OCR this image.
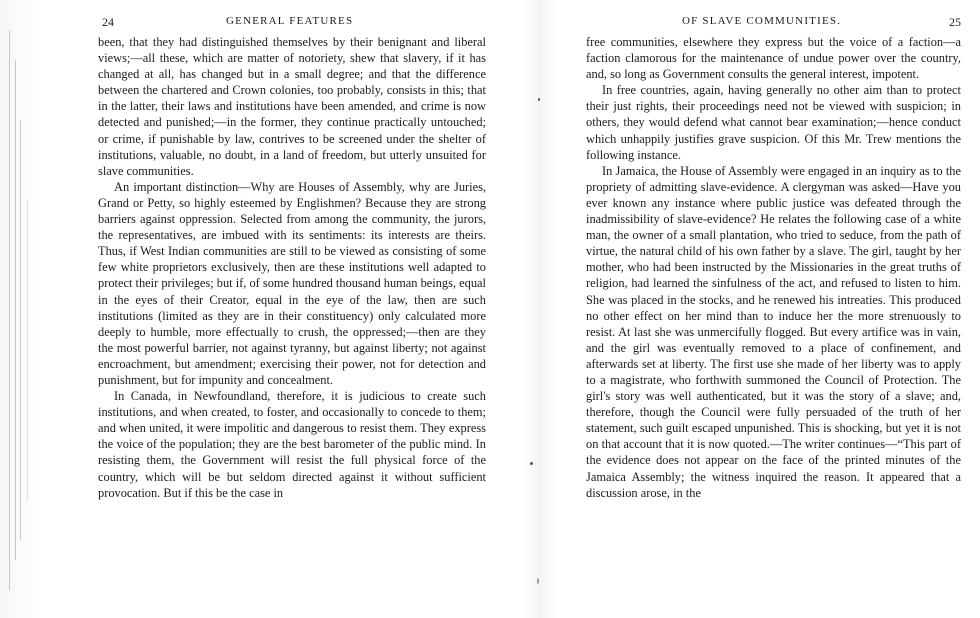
24	GENERAL FEATURES

been, that they had distinguished themselves by their benignant and liberal views;—all these, which are matter of notoriety, shew that slavery, if it has changed at all, has changed but in a small degree; and that the difference between the chartered and Crown colonies, too probably, consists in this; that in the latter, their laws and institutions have been amended, and crime is now detected and punished;—in the former, they continue practically untouched; or crime, if punishable by law, contrives to be screened under the shelter of institutions, valuable, no doubt, in a land of freedom, but utterly unsuited for slave communities.

An important distinction—Why are Houses of Assembly, why are Juries, Grand or Petty, so highly esteemed by Englishmen? Because they are strong barriers against oppression. Selected from among the community, the jurors, the representatives, are imbued with its sentiments: its interests are theirs. Thus, if West Indian communities are still to be viewed as consisting of some few white proprietors exclusively, then are these institutions well adapted to protect their privileges; but if, of some hundred thousand human beings, equal in the eyes of their Creator, equal in the eye of the law, then are such institutions (limited as they are in their constituency) only calculated more deeply to humble, more effectually to crush, the oppressed;—then are they the most powerful barrier, not against tyranny, but against liberty; not against encroachment, but amendment; exercising their power, not for detection and punishment, but for impunity and concealment.

In Canada, in Newfoundland, therefore, it is judicious to create such institutions, and when created, to foster, and occasionally to concede to them; and when united, it were impolitic and dangerous to resist them. They express the voice of the population; they are the best barometer of the public mind. In resisting them, the Government will resist the full physical force of the country, which will be but seldom directed against it without sufficient provocation. But if this be the case in

OF SLAVE COMMUNITIES.	25

free communities, elsewhere they express but the voice of a faction—a faction clamorous for the maintenance of undue power over the country, and, so long as Government consults the general interest, impotent.

In free countries, again, having generally no other aim than to protect their just rights, their proceedings need not be viewed with suspicion; in others, they would defend what cannot bear examination;—hence conduct which unhappily justifies grave suspicion. Of this Mr. Trew mentions the following instance.

In Jamaica, the House of Assembly were engaged in an inquiry as to the propriety of admitting slave-evidence. A clergyman was asked—Have you ever known any instance where public justice was defeated through the inadmissibility of slave-evidence? He relates the following case of a white man, the owner of a small plantation, who tried to seduce, from the path of virtue, the natural child of his own father by a slave. The girl, taught by her mother, who had been instructed by the Missionaries in the great truths of religion, had learned the sinfulness of the act, and refused to listen to him. She was placed in the stocks, and he renewed his intreaties. This produced no other effect on her mind than to induce her the more strenuously to resist. At last she was unmercifully flogged. But every artifice was in vain, and the girl was eventually removed to a place of confinement, and afterwards set at liberty. The first use she made of her liberty was to apply to a magistrate, who forthwith summoned the Council of Protection. The girl's story was well authenticated, but it was the story of a slave; and, therefore, though the Council were fully persuaded of the truth of her statement, such guilt escaped unpunished. This is shocking, but yet it is not on that account that it is now quoted.—The writer continues—“This part of the evidence does not appear on the face of the printed minutes of the Jamaica Assembly; the witness inquired the reason. It appeared that a discussion arose, in the
